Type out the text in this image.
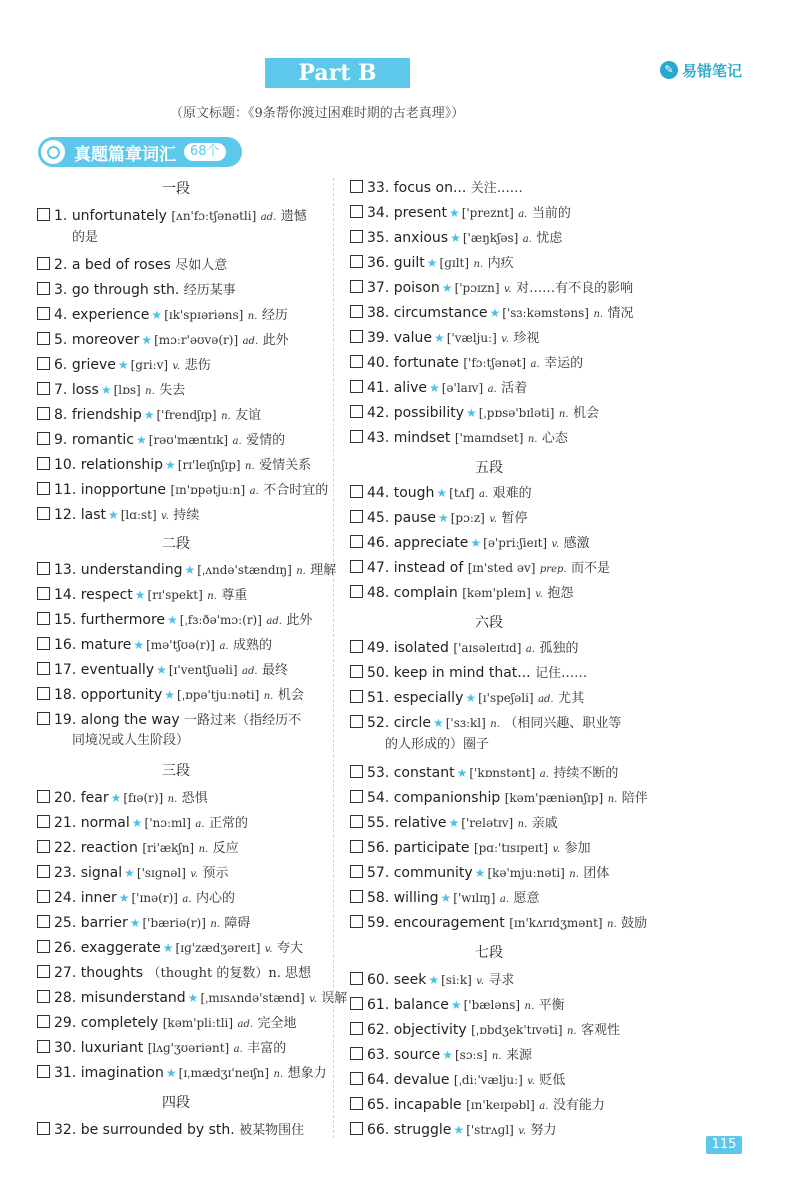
Part B	✎ 易错笔记
（原文标题：《9条帮你渡过困难时期的古老真理》）
真题篇章词汇	68个
一段
1. unfortunately [ʌn'fɔːtʃənətli] ad. 遗憾
的是
2. a bed of roses 尽如人意
3. go through sth. 经历某事
4. experience ★ [ɪk'spɪəriəns] n. 经历
5. moreover ★ [mɔːr'əʊvə(r)] ad. 此外
6. grieve ★ [griːv] v. 悲伤
7. loss ★ [lɒs] n. 失去
8. friendship ★ ['frendʃɪp] n. 友谊
9. romantic ★ [rəʊ'mæntɪk] a. 爱情的
10. relationship ★ [rɪ'leɪʃnʃɪp] n. 爱情关系
11. inopportune [ɪn'ɒpətjuːn] a. 不合时宜的
12. last ★ [lɑːst] v. 持续
二段
13. understanding ★ [ˌʌndə'stændɪŋ] n. 理解
14. respect ★ [rɪ'spekt] n. 尊重
15. furthermore ★ [ˌfɜːðə'mɔː(r)] ad. 此外
16. mature ★ [mə'tʃʊə(r)] a. 成熟的
17. eventually ★ [ɪ'ventʃuəli] ad. 最终
18. opportunity ★ [ˌɒpə'tjuːnəti] n. 机会
19. along the way 一路过来（指经历不
同境况或人生阶段）
三段
20. fear ★ [fɪə(r)] n. 恐惧
21. normal ★ ['nɔːml] a. 正常的
22. reaction [ri'ækʃn] n. 反应
23. signal ★ ['sɪɡnəl] v. 预示
24. inner ★ ['ɪnə(r)] a. 内心的
25. barrier ★ ['bæriə(r)] n. 障碍
26. exaggerate ★ [ɪɡ'zædʒəreɪt] v. 夸大
27. thoughts （thought 的复数）n. 思想
28. misunderstand ★ [ˌmɪsʌndə'stænd] v. 误解
29. completely [kəm'pliːtli] ad. 完全地
30. luxuriant [lʌɡ'ʒʊəriənt] a. 丰富的
31. imagination ★ [ɪˌmædʒɪ'neɪʃn] n. 想象力
四段
32. be surrounded by sth. 被某物围住
33. focus on... 关注……
34. present ★ ['preznt] a. 当前的
35. anxious ★ ['æŋkʃəs] a. 忧虑
36. guilt ★ [ɡɪlt] n. 内疚
37. poison ★ ['pɔɪzn] v. 对……有不良的影响
38. circumstance ★ ['sɜːkəmstəns] n. 情况
39. value ★ ['væljuː] v. 珍视
40. fortunate ['fɔːtʃənət] a. 幸运的
41. alive ★ [ə'laɪv] a. 活着
42. possibility ★ [ˌpɒsə'bɪləti] n. 机会
43. mindset ['maɪndset] n. 心态
五段
44. tough ★ [tʌf] a. 艰难的
45. pause ★ [pɔːz] v. 暂停
46. appreciate ★ [ə'priːʃieɪt] v. 感激
47. instead of [ɪn'sted əv] prep. 而不是
48. complain [kəm'pleɪn] v. 抱怨
六段
49. isolated ['aɪsəleɪtɪd] a. 孤独的
50. keep in mind that... 记住……
51. especially ★ [ɪ'speʃəli] ad. 尤其
52. circle ★ ['sɜːkl] n. （相同兴趣、职业等
的人形成的）圈子
53. constant ★ ['kɒnstənt] a. 持续不断的
54. companionship [kəm'pæniənʃɪp] n. 陪伴
55. relative ★ ['relətɪv] n. 亲戚
56. participate [pɑː'tɪsɪpeɪt] v. 参加
57. community ★ [kə'mjuːnəti] n. 团体
58. willing ★ ['wɪlɪŋ] a. 愿意
59. encouragement [ɪn'kʌrɪdʒmənt] n. 鼓励
七段
60. seek ★ [siːk] v. 寻求
61. balance ★ ['bæləns] n. 平衡
62. objectivity [ˌɒbdʒek'tɪvəti] n. 客观性
63. source ★ [sɔːs] n. 来源
64. devalue [ˌdiː'væljuː] v. 贬低
65. incapable [ɪn'keɪpəbl] a. 没有能力
66. struggle ★ ['strʌɡl] v. 努力
115
